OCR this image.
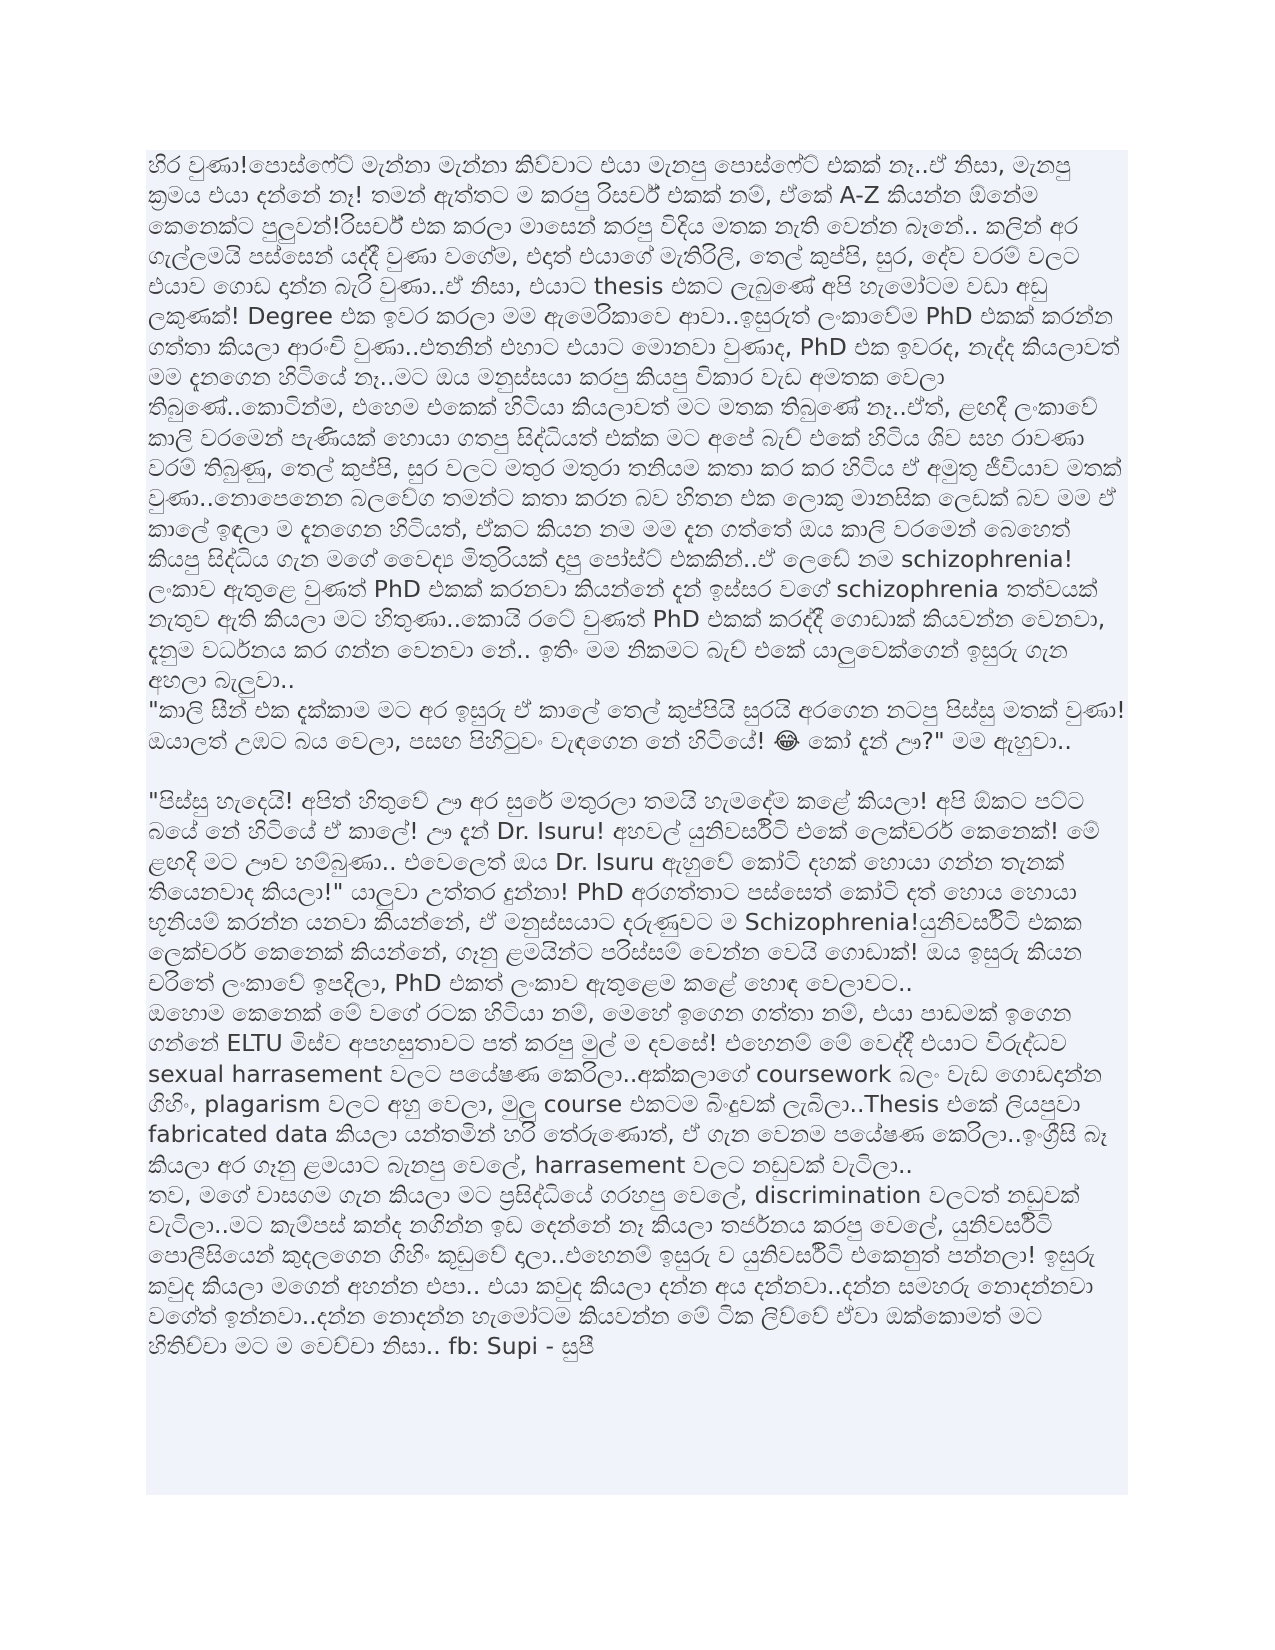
හිර වුණා!පොස්ෆේට් මැන්නා මැන්නා කිව්වාට එයා මැනපු පොස්ෆේට් එකක් නෑ..ඒ නිසා, මැනපු ක්‍රමය එයා දන්නේ නෑ! තමන් ඇත්තට ම කරපු රිසර්ච් එකක් නම්, ඒකේ A-Z කියන්න ඕනේම කෙනෙක්ට පුලුවන්!රිසර්ච් එක කරලා මාසෙන් කරපු විදිය මතක නැති වෙන්න බෑනේ.. කලින් අර ගැල්ලමයි පස්සෙන් යද්දී වුණා වගේම, එදාත් එයාගේ මැතිරිලි, තෙල් කුප්පි, සුර, දේව වරම් වලට එයාව ගොඩ දාන්න බැරි වුණා..ඒ නිසා, එයාට thesis එකට ලැබුණේ අපි හැමෝටම වඩා අඩු ලකුණක්! Degree එක ඉවර කරලා මම ඇමෙරිකාවෙ ආවා..ඉසුරුත් ලංකාවේම PhD එකක් කරන්න ගත්තා කියලා ආරංචි වුණා..එතනින් එහාට එයාට මොනවා වුණාද, PhD එක ඉවරද, නැද්ද කියලාවත් මම දැනගෙන හිටියේ නෑ..මට ඔය මනුස්සයා කරපු කියපු විකාර වැඩ අමතක වෙලා තිබුණේ..කොටින්ම, එහෙම එකෙක් හිටියා කියලාවත් මට මතක තිබුණේ නෑ..ඒත්, ළඟදී ලංකාවේ කාලි වරමෙන් පැණියක් හොයා ගතපු සිද්ධියත් එක්ක මට අපේ බැච් එකේ හිටිය ශිව සහ රාවණා වරම් තිබුණු, තෙල් කුප්පි, සුර වලට මතුර මතුරා තනියම කතා කර කර හිටිය ඒ අමුතු ජීවියාව මතක් වුණා..නොපෙනෙන බලවේග තමන්ට කතා කරන බව හිතන එක ලොකු මානසික ලෙඩක් බව මම ඒ කාලේ ඉඳලා ම දැනගෙන හිටියත්, ඒකට කියන නම මම දැන ගත්තේ ඔය කාලි වරමෙන් බෙහෙත් කියපු සිද්ධිය ගැන මගේ වෛද්‍ය මිතුරියක් දාපු පෝස්ට් එකකින්..ඒ ලෙඩේ නම schizophrenia!ලංකාව ඇතුළෙ වුණත් PhD එකක් කරනවා කියන්නේ දැන් ඉස්සර වගේ schizophrenia තත්වයක් නැතුව ඇති කියලා මට හිතුණා..කොයි රටේ වුණත් PhD එකක් කරද්දී ගොඩාක් කියවන්න වෙනවා, දැනුම වර්ධනය කර ගන්න වෙනවා නේ.. ඉතිං මම නිකමට බැච් එකේ යාලුවෙක්ගෙන් ඉසුරු ගැන අහලා බැලුවා..

"කාලි සීන් එක දැක්කාම මට අර ඉසුරු ඒ කාලේ තෙල් කුප්පියි සුරයි අරගෙන නටපු පිස්සු මතක් වුණා! ඔයාලත් උඹට බය වෙලා, පසඟ පිහිටුවං වැඳගෙන නේ හිටියේ! 😂 කෝ දැන් ඌ?" මම ඇහුවා..

"පිස්සු හැදෙයි! අපිත් හිතුවේ ඌ අර සුරේ මතුරලා තමයි හැමදේම කළේ කියලා! අපි ඕකට පට්ට බයේ නේ හිටියේ ඒ කාලේ! ඌ දැන් Dr. Isuru! අහවල් යුනිවර්සිටි එකේ ලෙක්චරර් කෙනෙක්! මේ ළඟදි මට ඌව හම්බුණා.. එවෙලෙත් ඔය Dr. Isuru ඇහුවේ කෝටි දහක් හොයා ගන්න තැනක් තියෙනවාද කියලා!" යාලුවා උත්තර දුන්නා! PhD අරගත්තාට පස්සෙත් කෝටි දත් හොය හොයා භූනියම් කරන්න යනවා කියන්නේ, ඒ මනුස්සයාට දරුණුවට ම Schizophrenia!යුනිවර්සිටි එකක ලෙක්චරර් කෙනෙක් කියන්නේ, ගෑනු ළමයින්ට පරිස්සම් වෙන්න වෙයි ගොඩාක්! ඔය ඉසුරු කියන චරිතේ ලංකාවේ ඉපදිලා, PhD එකත් ලංකාව ඇතුළෙම කළේ හොඳ වෙලාවට..

ඔහොම කෙනෙක් මේ වගේ රටක හිටියා නම්, මෙහේ ඉගෙන ගත්තා නම්, එයා පාඩමක් ඉගෙන ගන්නේ ELTU මිස්ව අපහසුතාවට පත් කරපු මුල් ම දවසේ! එහෙනම් මේ වෙද්දී එයාට විරුද්ධව sexual harrasement වලට පයේෂණ කෙරිලා..අක්කලාගේ coursework බලං වැඩ ගොඩදාන්න ගිහිං, plagarism වලට අහු වෙලා, මුලු course එකටම බිංදුවක් ලැබිලා..Thesis එකේ ලියපුවා fabricated data කියලා යන්තමින් හරි තේරුණොත්, ඒ ගැන වෙනම පයේෂණ කෙරිලා..ඉංග්‍රීසි බෑ කියලා අර ගෑනු ළමයාට බැනපු වෙලේ, harrasement වලට නඩුවක් වැටිලා..

තව, මගේ වාසගම ගැන කියලා මට ප්‍රසිද්ධියේ ගරහපු වෙලේ, discrimination වලටත් නඩුවක් වැටිලා..මට කැම්පස් කන්ද නගින්න ඉඩ දෙන්නේ නෑ කියලා තර්ජනය කරපු වෙලේ, යුනිවර්සිටි පොලීසියෙන් කුදලගෙන ගිහිං කූඩුවේ දාලා..එහෙනම් ඉසුරු ව යුනිවර්සිටි එකෙනුත් පන්නලා! ඉසුරු කවුද කියලා මගෙන් අහන්න එපා.. එයා කවුද කියලා දන්න අය දන්නවා..දන්න සමහරු නොදන්නවා වගේත් ඉන්නවා..දන්න නොදන්න හැමෝටම කියවන්න මේ ටික ලිව්වේ ඒවා ඔක්කොමත් මට හිතිච්චා මට ම වෙච්චා නිසා.. fb: Supi - සුපී
